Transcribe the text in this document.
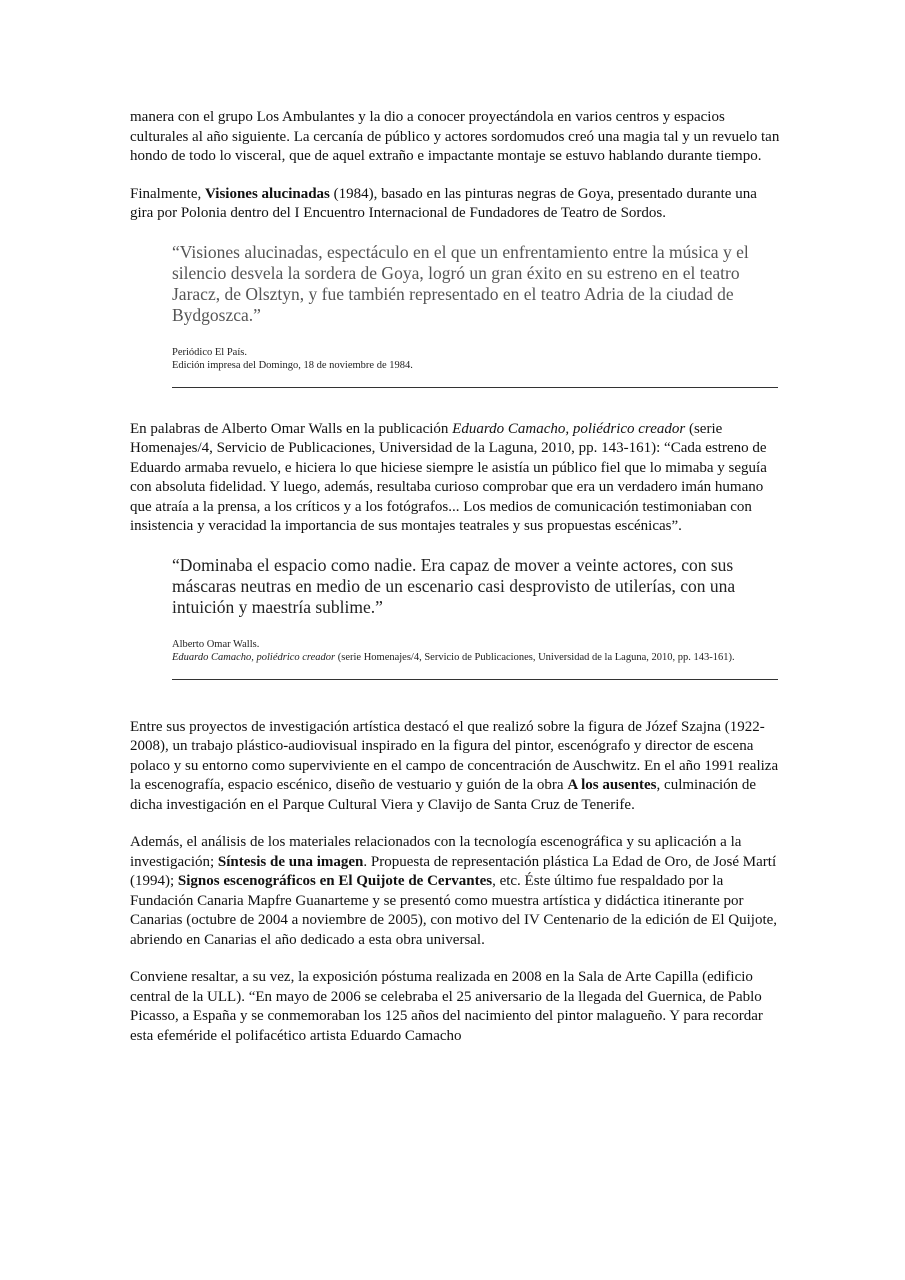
manera con el grupo Los Ambulantes y la dio a conocer proyectándola en varios centros y espacios culturales al año siguiente. La cercanía de público y actores sordomudos creó una magia tal y un revuelo tan hondo de todo lo visceral, que de aquel extraño e impactante montaje se estuvo hablando durante tiempo.

Finalmente, Visiones alucinadas (1984), basado en las pinturas negras de Goya, presentado durante una gira por Polonia dentro del I Encuentro Internacional de Fundadores de Teatro de Sordos.

“Visiones alucinadas, espectáculo en el que un enfrentamiento entre la música y el silencio desvela la sordera de Goya, logró un gran éxito en su estreno en el teatro Jaracz, de Olsztyn, y fue también representado en el teatro Adria de la ciudad de Bydgoszca.”

Periódico El País.

Edición impresa del Domingo, 18 de noviembre de 1984.

En palabras de Alberto Omar Walls en la publicación Eduardo Camacho, poliédrico creador (serie Homenajes/4, Servicio de Publicaciones, Universidad de la Laguna, 2010, pp. 143-161): “Cada estreno de Eduardo armaba revuelo, e hiciera lo que hiciese siempre le asistía un público fiel que lo mimaba y seguía con absoluta fidelidad. Y luego, además, resultaba curioso comprobar que era un verdadero imán humano que atraía a la prensa, a los críticos y a los fotógrafos... Los medios de comunicación testimoniaban con insistencia y veracidad la importancia de sus montajes teatrales y sus propuestas escénicas”.

“Dominaba el espacio como nadie. Era capaz de mover a veinte actores, con sus máscaras neutras en medio de un escenario casi desprovisto de utilerías, con una intuición y maestría sublime.”

Alberto Omar Walls.

Eduardo Camacho, poliédrico creador (serie Homenajes/4, Servicio de Publicaciones, Universidad de la Laguna, 2010, pp. 143-161).

Entre sus proyectos de investigación artística destacó el que realizó sobre la figura de Józef Szajna (1922-2008), un trabajo plástico-audiovisual inspirado en la figura del pintor, escenógrafo y director de escena polaco y su entorno como superviviente en el campo de concentración de Auschwitz. En el año 1991 realiza la escenografía, espacio escénico, diseño de vestuario y guión de la obra A los ausentes, culminación de dicha investigación en el Parque Cultural Viera y Clavijo de Santa Cruz de Tenerife.

Además, el análisis de los materiales relacionados con la tecnología escenográfica y su aplicación a la investigación; Síntesis de una imagen. Propuesta de representación plástica La Edad de Oro, de José Martí (1994); Signos escenográficos en El Quijote de Cervantes, etc. Éste último fue respaldado por la Fundación Canaria Mapfre Guanarteme y se presentó como muestra artística y didáctica itinerante por Canarias (octubre de 2004 a noviembre de 2005), con motivo del IV Centenario de la edición de El Quijote, abriendo en Canarias el año dedicado a esta obra universal.

Conviene resaltar, a su vez, la exposición póstuma realizada en 2008 en la Sala de Arte Capilla (edificio central de la ULL). “En mayo de 2006 se celebraba el 25 aniversario de la llegada del Guernica, de Pablo Picasso, a España y se conmemoraban los 125 años del nacimiento del pintor malagueño. Y para recordar esta efeméride el polifacético artista Eduardo Camacho
